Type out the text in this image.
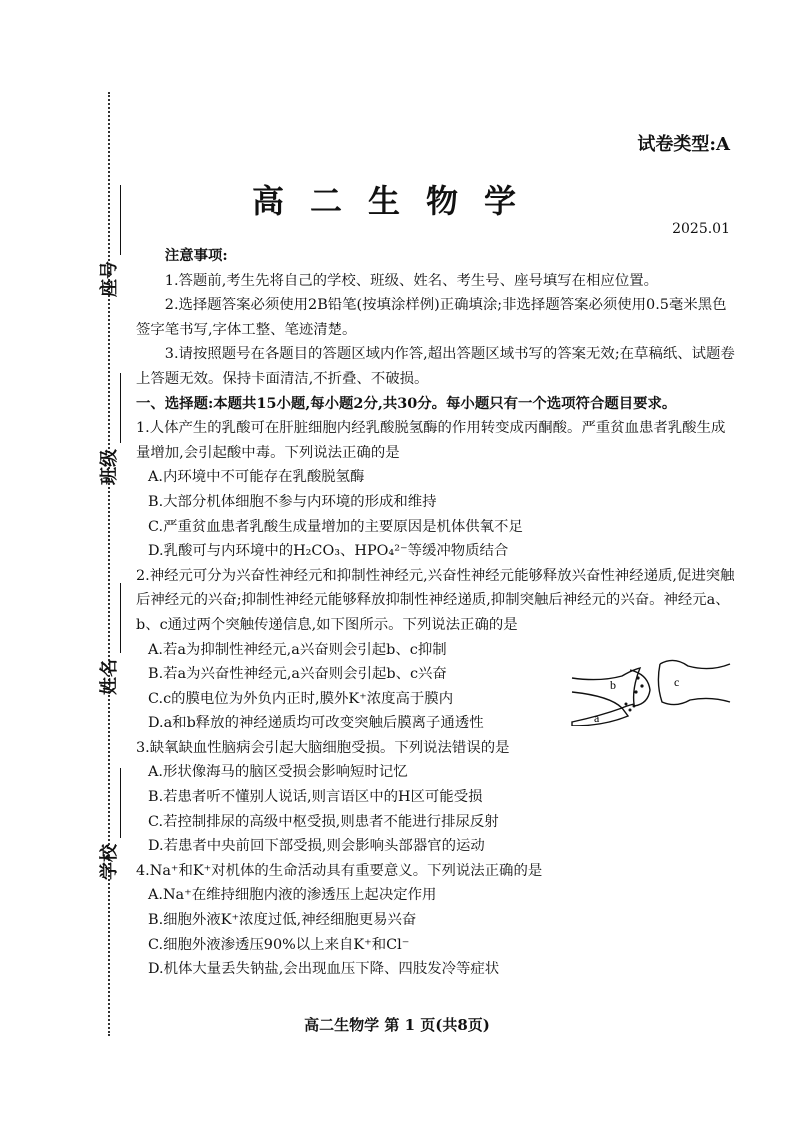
座号
班级
姓名
学校
试卷类型:A
高二生物学
2025.01

注意事项:

1.答题前,考生先将自己的学校、班级、姓名、考生号、座号填写在相应位置。

2.选择题答案必须使用2B铅笔(按填涂样例)正确填涂;非选择题答案必须使用0.5毫米黑色签字笔书写,字体工整、笔迹清楚。

3.请按照题号在各题目的答题区域内作答,超出答题区域书写的答案无效;在草稿纸、试题卷上答题无效。保持卡面清洁,不折叠、不破损。

一、选择题:本题共15小题,每小题2分,共30分。每小题只有一个选项符合题目要求。

1.人体产生的乳酸可在肝脏细胞内经乳酸脱氢酶的作用转变成丙酮酸。严重贫血患者乳酸生成量增加,会引起酸中毒。下列说法正确的是

A.内环境中不可能存在乳酸脱氢酶

B.大部分机体细胞不参与内环境的形成和维持

C.严重贫血患者乳酸生成量增加的主要原因是机体供氧不足

D.乳酸可与内环境中的H₂CO₃、HPO₄²⁻等缓冲物质结合

2.神经元可分为兴奋性神经元和抑制性神经元,兴奋性神经元能够释放兴奋性神经递质,促进突触后神经元的兴奋;抑制性神经元能够释放抑制性神经递质,抑制突触后神经元的兴奋。神经元a、b、c通过两个突触传递信息,如下图所示。下列说法正确的是

A.若a为抑制性神经元,a兴奋则会引起b、c抑制

B.若a为兴奋性神经元,a兴奋则会引起b、c兴奋

C.c的膜电位为外负内正时,膜外K⁺浓度高于膜内

D.a和b释放的神经递质均可改变突触后膜离子通透性

3.缺氧缺血性脑病会引起大脑细胞受损。下列说法错误的是

A.形状像海马的脑区受损会影响短时记忆

B.若患者听不懂别人说话,则言语区中的H区可能受损

C.若控制排尿的高级中枢受损,则患者不能进行排尿反射

D.若患者中央前回下部受损,则会影响头部器官的运动

4.Na⁺和K⁺对机体的生命活动具有重要意义。下列说法正确的是

A.Na⁺在维持细胞内液的渗透压上起决定作用

B.细胞外液K⁺浓度过低,神经细胞更易兴奋

C.细胞外液渗透压90%以上来自K⁺和Cl⁻

D.机体大量丢失钠盐,会出现血压下降、四肢发冷等症状

b
a
c
高二生物学 第 1 页(共8页)
